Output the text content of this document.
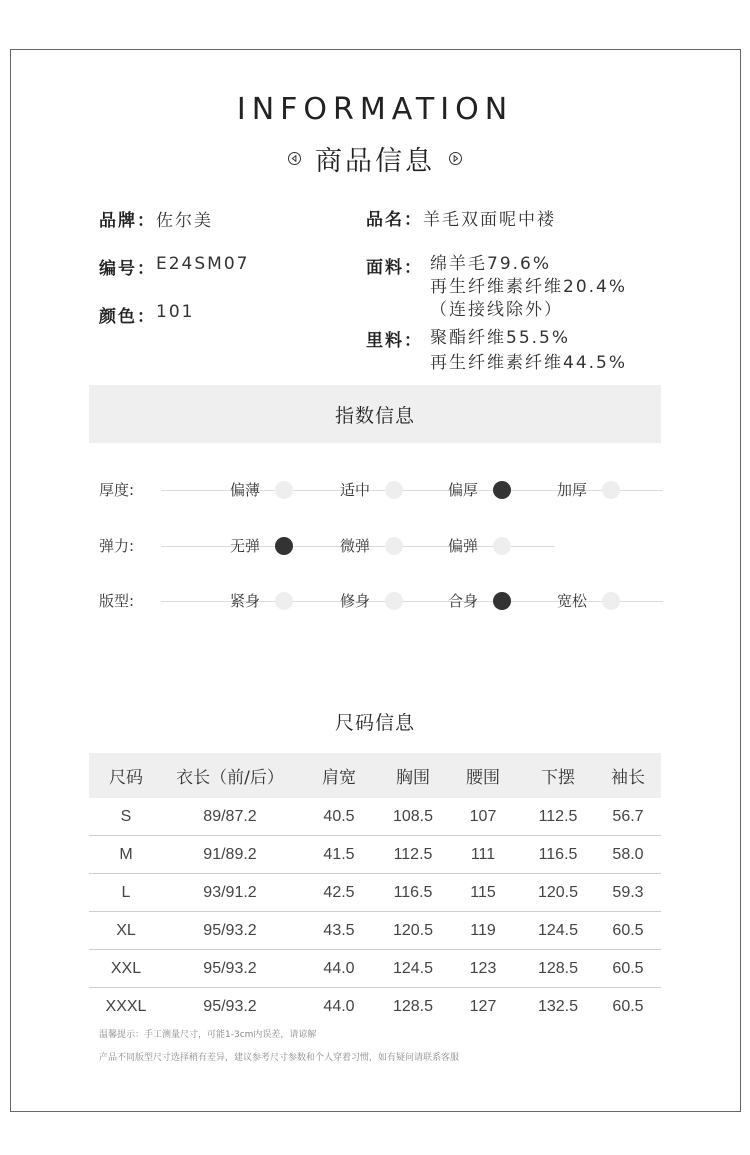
INFORMATION
商品信息
品牌： 佐尔美
编号： E24SM07
颜色： 101
品名： 羊毛双面呢中褛
面料： 绵羊毛79.6%
再生纤维素纤维20.4%
（连接线除外）
里料： 聚酯纤维55.5%
再生纤维素纤维44.5%
指数信息
厚度:	偏薄	适中	偏厚	加厚
弹力:	无弹	微弹	偏弹
版型:	紧身	修身	合身	宽松
尺码信息
尺码	衣长（前/后）	肩宽	胸围	腰围	下摆	袖长
S	89/87.2	40.5	108.5	107	112.5	56.7
M	91/89.2	41.5	112.5	111	116.5	58.0
L	93/91.2	42.5	116.5	115	120.5	59.3
XL	95/93.2	43.5	120.5	119	124.5	60.5
XXL	95/93.2	44.0	124.5	123	128.5	60.5
XXXL	95/93.2	44.0	128.5	127	132.5	60.5
温馨提示：手工测量尺寸，可能1-3cm内误差，请谅解
产品不同版型尺寸选择稍有差异，建议参考尺寸参数和个人穿着习惯，如有疑问请联系客服
